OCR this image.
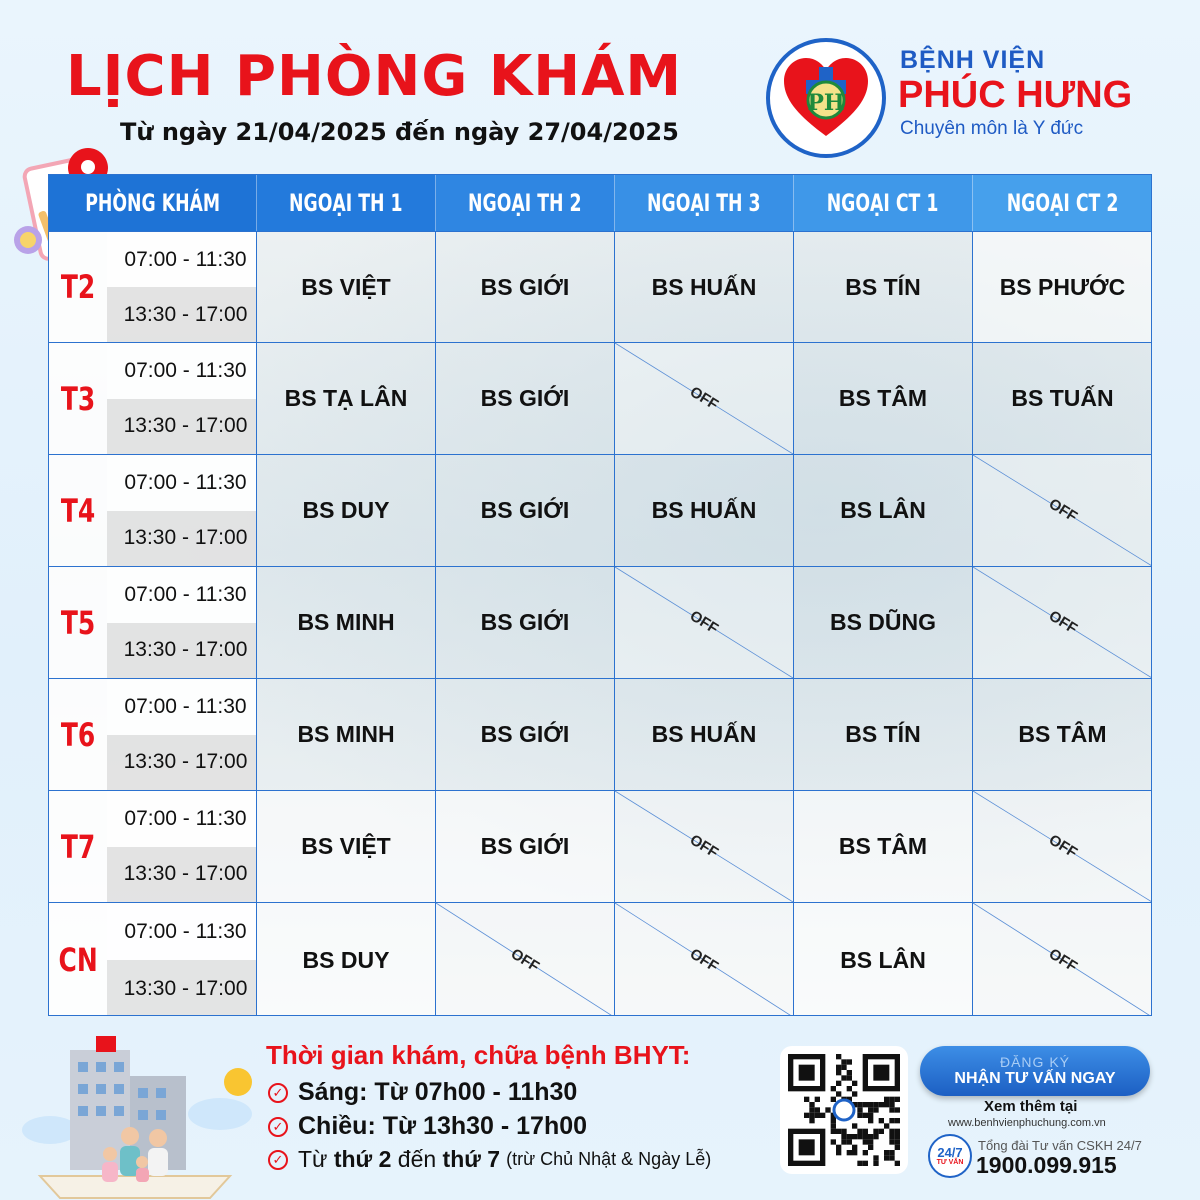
LỊCH PHÒNG KHÁM
Từ ngày 21/04/2025 đến ngày 27/04/2025
PH
BỆNH VIỆN
PHÚC HƯNG
Chuyên môn là Y đức
PHÒNG KHÁM	NGOẠI TH 1	NGOẠI TH 2	NGOẠI TH 3	NGOẠI CT 1	NGOẠI CT 2
T2
07:00 - 11:30
13:30 - 17:00
BS VIỆT	BS GIỚI	BS HUẤN	BS TÍN	BS PHƯỚC
T3
07:00 - 11:30
13:30 - 17:00
BS TẠ LÂN	BS GIỚI	OFF	BS TÂM	BS TUẤN
T4
07:00 - 11:30
13:30 - 17:00
BS DUY	BS GIỚI	BS HUẤN	BS LÂN	OFF
T5
07:00 - 11:30
13:30 - 17:00
BS MINH	BS GIỚI	OFF	BS DŨNG	OFF
T6
07:00 - 11:30
13:30 - 17:00
BS MINH	BS GIỚI	BS HUẤN	BS TÍN	BS TÂM
T7
07:00 - 11:30
13:30 - 17:00
BS VIỆT	BS GIỚI	OFF	BS TÂM	OFF
CN
07:00 - 11:30
13:30 - 17:00
BS DUY	OFF	OFF	BS LÂN	OFF
Thời gian khám, chữa bệnh BHYT:
✓ Sáng: Từ 07h00 - 11h30
✓ Chiều: Từ 13h30 - 17h00
✓ Từ
thứ 2
đến
thứ 7 (trừ Chủ Nhật & Ngày Lễ)
ĐĂNG KÝ
NHẬN TƯ VẤN NGAY
Xem thêm tại
www.benhvienphuchung.com.vn
24/7
TƯ VẤN
Tổng đài Tư vấn CSKH 24/7
1900.099.915
